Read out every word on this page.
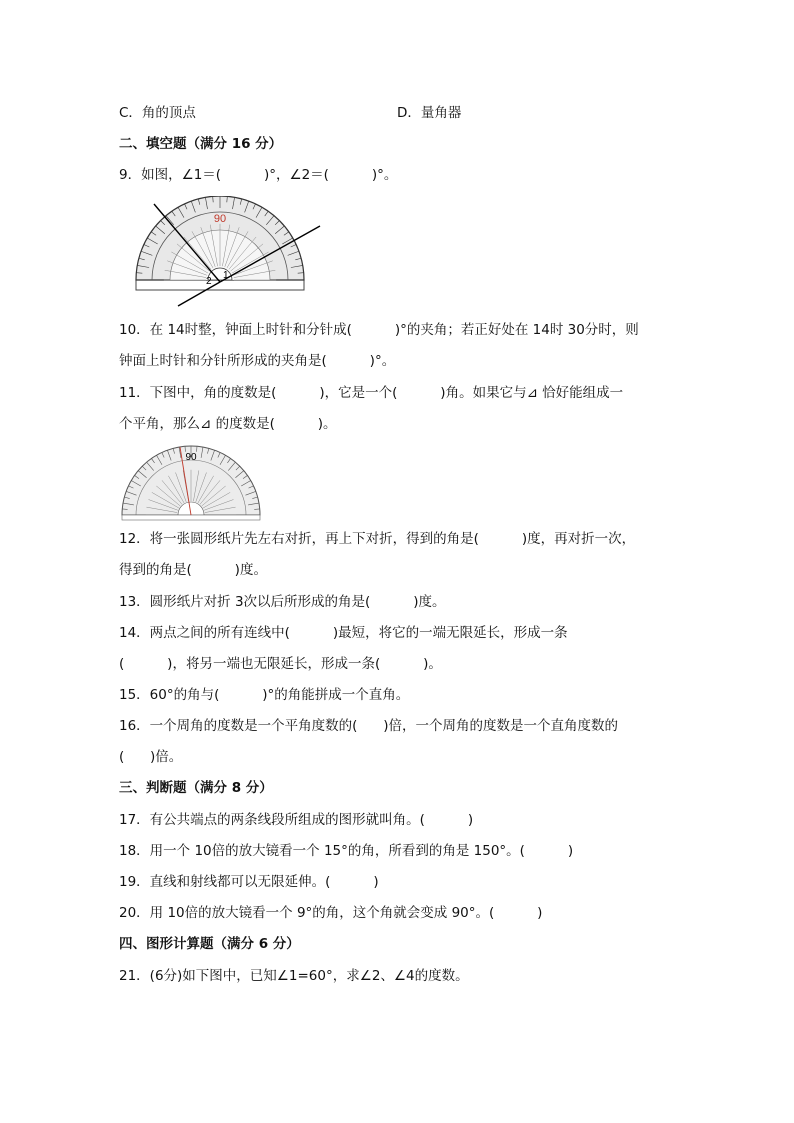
C．角的顶点	D．量角器
二、填空题（满分 16 分）
9．如图，∠1＝(          )°，∠2＝(          )°。
90
2
1
10．在 14时整，钟面上时针和分针成(          )°的夹角；若正好处在 14时 30分时，则
钟面上时针和分针所形成的夹角是(          )°。
11．下图中，角的度数是(          )，它是一个(          )角。如果它与⊿ 恰好能组成一
个平角，那么⊿ 的度数是(          )。
90
12．将一张圆形纸片先左右对折，再上下对折，得到的角是(          )度，再对折一次，
得到的角是(          )度。
13．圆形纸片对折 3次以后所形成的角是(          )度。
14．两点之间的所有连线中(          )最短，将它的一端无限延长，形成一条
(          )，将另一端也无限延长，形成一条(          )。
15．60°的角与(          )°的角能拼成一个直角。
16．一个周角的度数是一个平角度数的(      )倍，一个周角的度数是一个直角度数的
(      )倍。
三、判断题（满分 8 分）
17．有公共端点的两条线段所组成的图形就叫角。(          )
18．用一个 10倍的放大镜看一个 15°的角，所看到的角是 150°。(          )
19．直线和射线都可以无限延伸。(          )
20．用 10倍的放大镜看一个 9°的角，这个角就会变成 90°。(          )
四、图形计算题（满分 6 分）
21．(6分)如下图中，已知∠1=60°，求∠2、∠4的度数。
